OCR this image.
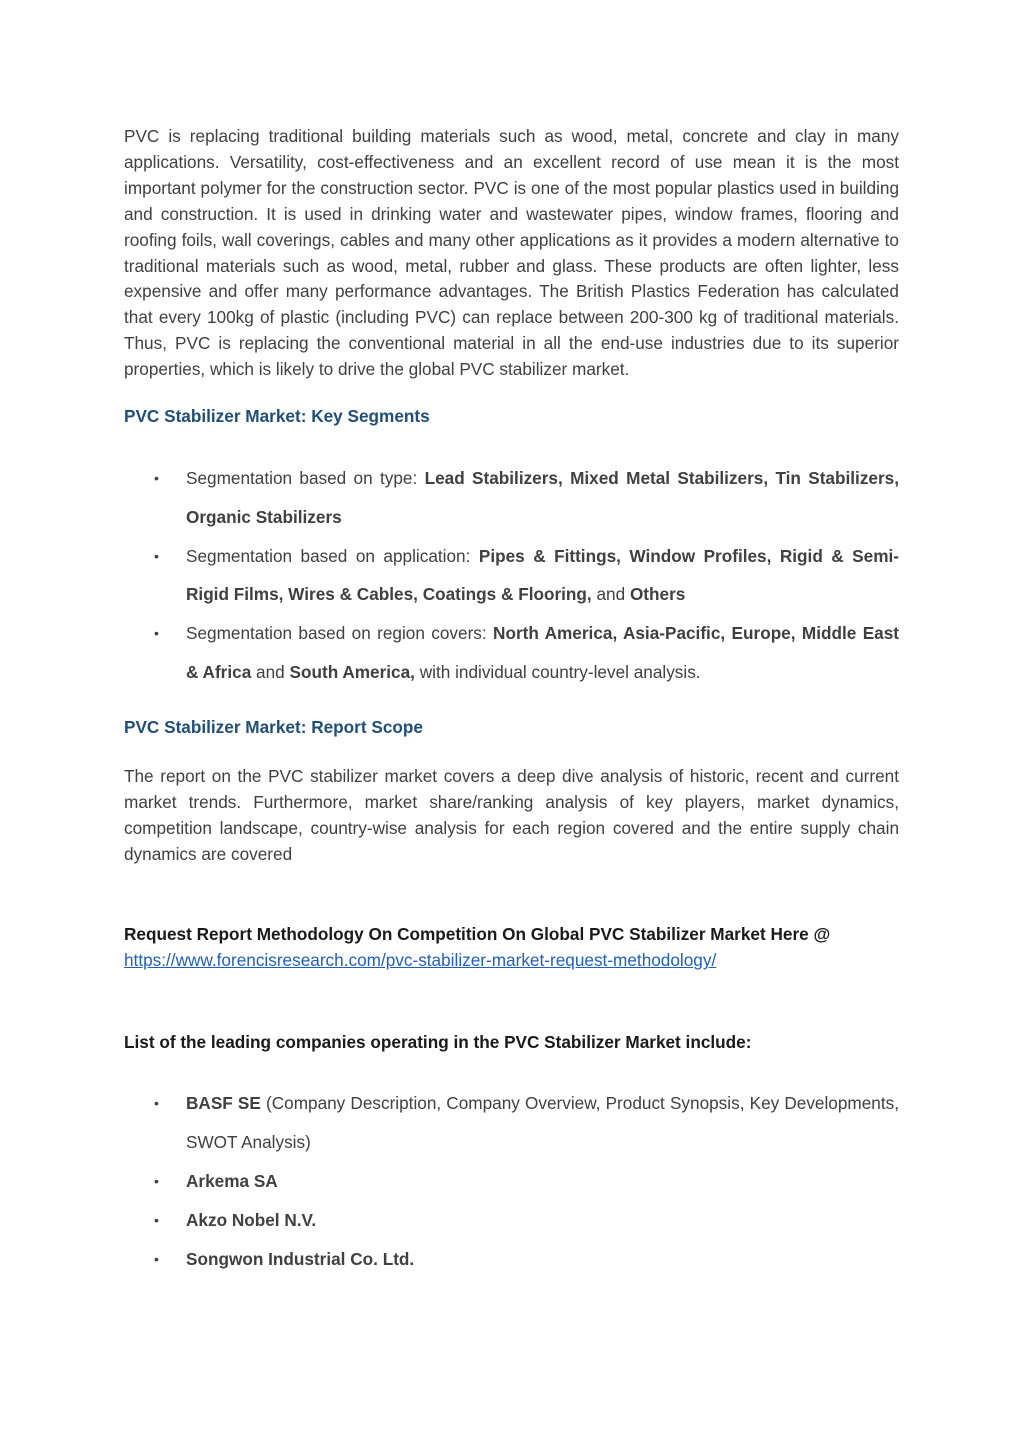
PVC is replacing traditional building materials such as wood, metal, concrete and clay in many applications. Versatility, cost-effectiveness and an excellent record of use mean it is the most important polymer for the construction sector. PVC is one of the most popular plastics used in building and construction. It is used in drinking water and wastewater pipes, window frames, flooring and roofing foils, wall coverings, cables and many other applications as it provides a modern alternative to traditional materials such as wood, metal, rubber and glass. These products are often lighter, less expensive and offer many performance advantages. The British Plastics Federation has calculated that every 100kg of plastic (including PVC) can replace between 200-300 kg of traditional materials. Thus, PVC is replacing the conventional material in all the end-use industries due to its superior properties, which is likely to drive the global PVC stabilizer market.

PVC Stabilizer Market: Key Segments

• Segmentation based on type: Lead Stabilizers, Mixed Metal Stabilizers, Tin Stabilizers, Organic Stabilizers
• Segmentation based on application: Pipes & Fittings, Window Profiles, Rigid & Semi-Rigid Films, Wires & Cables, Coatings & Flooring, and Others
• Segmentation based on region covers: North America, Asia-Pacific, Europe, Middle East & Africa and South America, with individual country-level analysis.

PVC Stabilizer Market: Report Scope

The report on the PVC stabilizer market covers a deep dive analysis of historic, recent and current market trends. Furthermore, market share/ranking analysis of key players, market dynamics, competition landscape, country-wise analysis for each region covered and the entire supply chain dynamics are covered

Request Report Methodology On Competition On Global PVC Stabilizer Market Here @

https://www.forencisresearch.com/pvc-stabilizer-market-request-methodology/

List of the leading companies operating in the PVC Stabilizer Market include:

• BASF SE (Company Description, Company Overview, Product Synopsis, Key Developments, SWOT Analysis)
• Arkema SA
• Akzo Nobel N.V.
• Songwon Industrial Co. Ltd.
